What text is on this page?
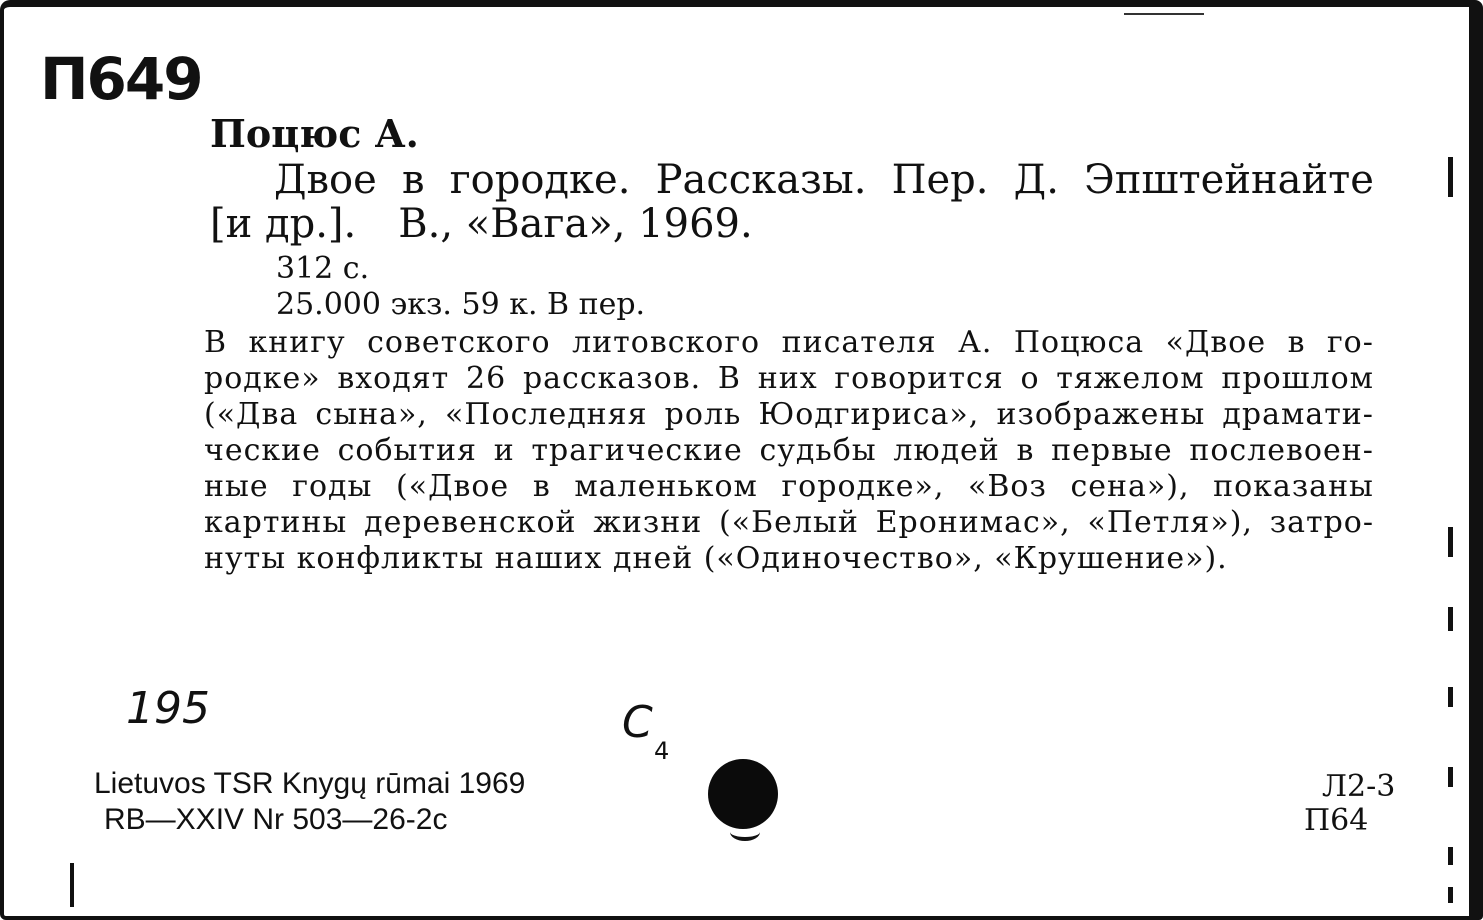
П649
Поцюс А.
Двое в городке. Рассказы. Пер. Д. Эпштейнайте
[и др.]. В., «Вага», 1969.
312 с.
25.000 экз. 59 к. В пер.
В книгу советского литовского писателя А. Поцюса «Двое в го-
родке» входят 26 рассказов. В них говорится о тяжелом прошлом
(«Два сына», «Последняя роль Юодгириса», изображены драмати-
ческие события и трагические судьбы людей в первые послевоен-
ные годы («Двое в маленьком городке», «Воз сена»), показаны
картины деревенской жизни («Белый Еронимас», «Петля»), затро-
нуты конфликты наших дней («Одиночество», «Крушение»).
195	С
4
Lietuvos TSR Knygų rūmai 1969
RB—XXIV Nr 503—26-2c
Л2-3
П64
